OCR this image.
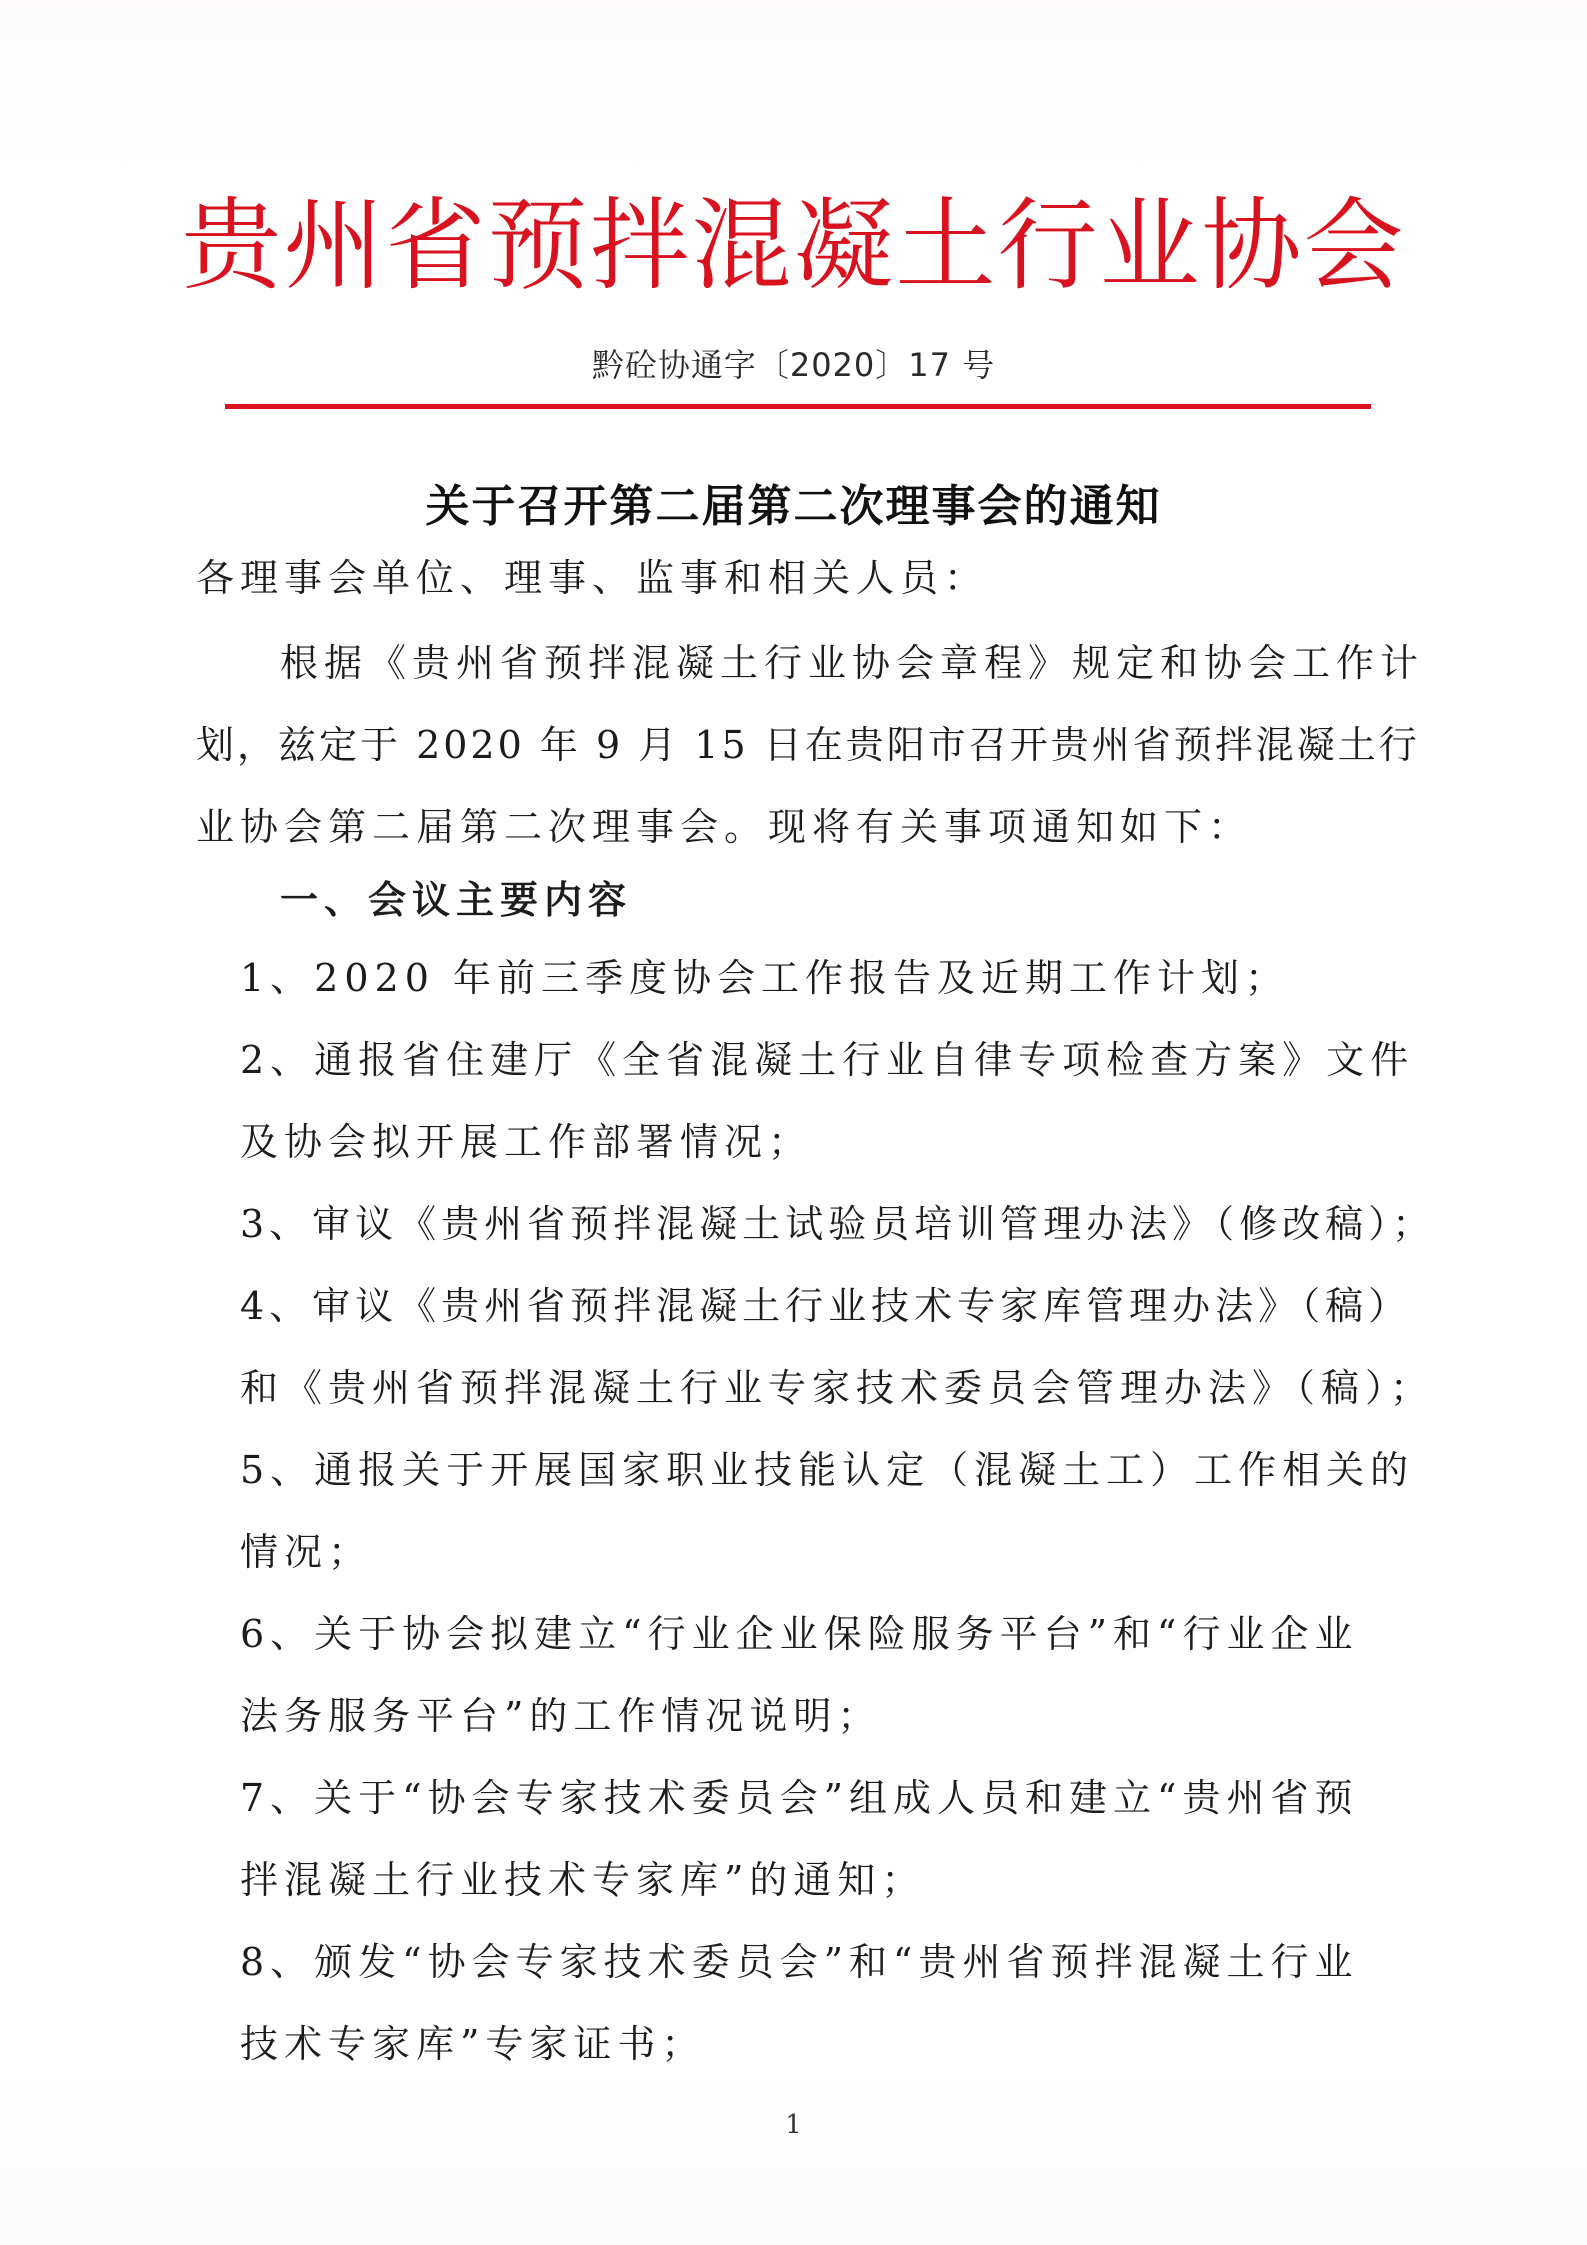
贵州省预拌混凝土行业协会
黔砼协通字〔2020〕17 号
关于召开第二届第二次理事会的通知
各理事会单位、理事、监事和相关人员：
根据《贵州省预拌混凝土行业协会章程》规定和协会工作计
划，兹定于 2020 年 9 月 15 日在贵阳市召开贵州省预拌混凝土行
业协会第二届第二次理事会。现将有关事项通知如下：
一、会议主要内容
1、2020 年前三季度协会工作报告及近期工作计划；
2、通报省住建厅《全省混凝土行业自律专项检查方案》文件
及协会拟开展工作部署情况；
3、审议《贵州省预拌混凝土试验员培训管理办法》（修改稿）；
4、审议《贵州省预拌混凝土行业技术专家库管理办法》（稿）
和《贵州省预拌混凝土行业专家技术委员会管理办法》（稿）；
5、通报关于开展国家职业技能认定（混凝土工）工作相关的
情况；
6、关于协会拟建立“行业企业保险服务平台”和“行业企业
法务服务平台”的工作情况说明；
7、关于“协会专家技术委员会”组成人员和建立“贵州省预
拌混凝土行业技术专家库”的通知；
8、颁发“协会专家技术委员会”和“贵州省预拌混凝土行业
技术专家库”专家证书；
1
